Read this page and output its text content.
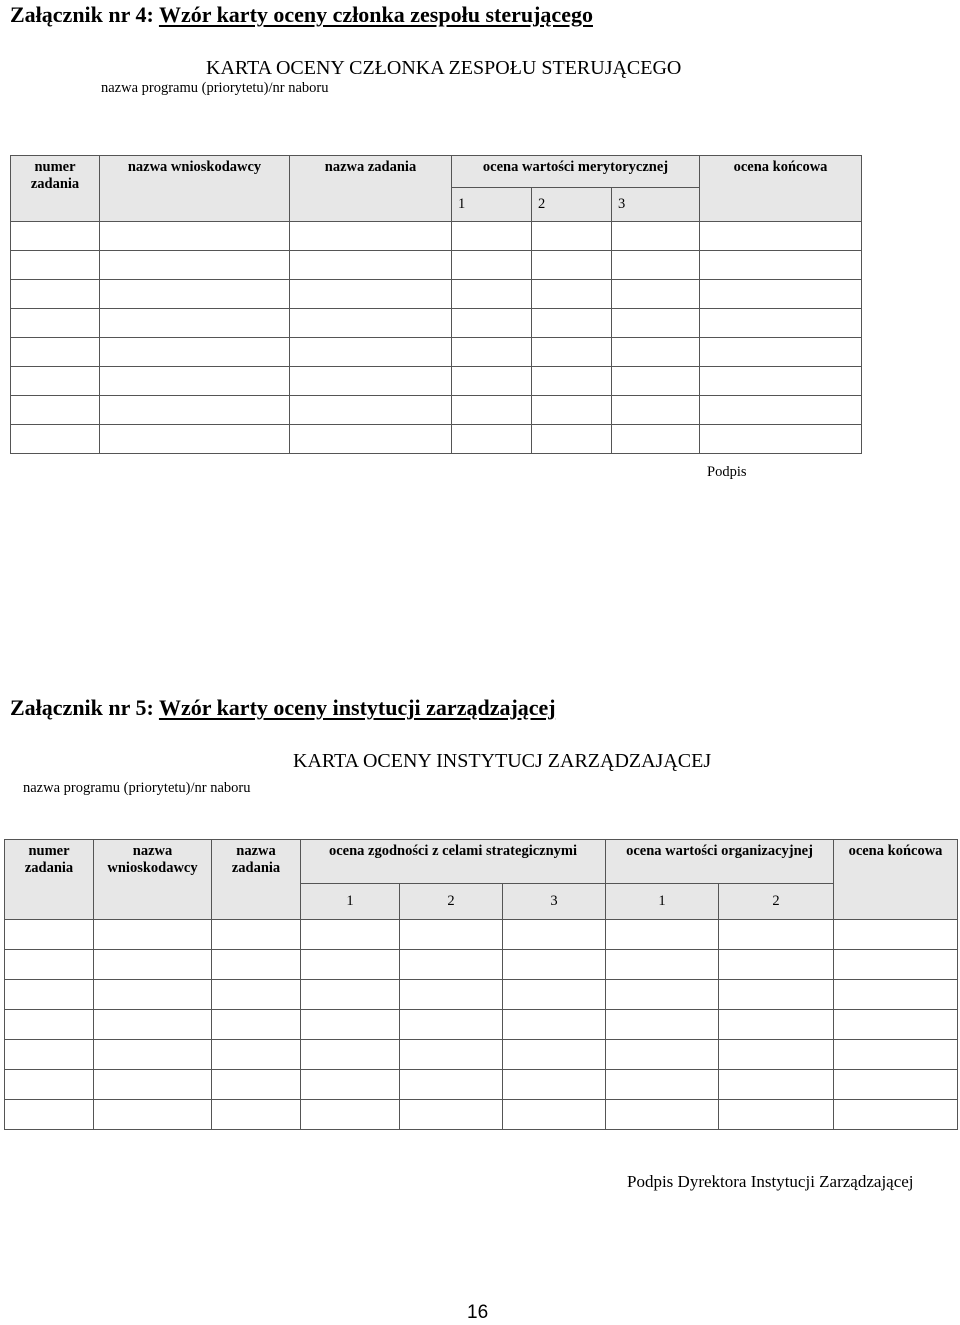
Załącznik nr 4: Wzór karty oceny członka zespołu sterującego
KARTA OCENY CZŁONKA ZESPOŁU STERUJĄCEGO
nazwa programu (priorytetu)/nr naboru
numer zadania	nazwa wnioskodawcy	nazwa zadania	ocena wartości merytorycznej			ocena końcowa
			1	2	3	

Podpis
Załącznik nr 5: Wzór karty oceny instytucji zarządzającej
KARTA OCENY INSTYTUCJ ZARZĄDZAJĄCEJ
nazwa programu (priorytetu)/nr naboru
numer zadania	nazwa wnioskodawcy	nazwa zadania	ocena zgodności z celami strategicznymi			ocena wartości organizacyjnej		ocena końcowa
			1	2	3	1	2	

Podpis Dyrektora Instytucji Zarządzającej
16
